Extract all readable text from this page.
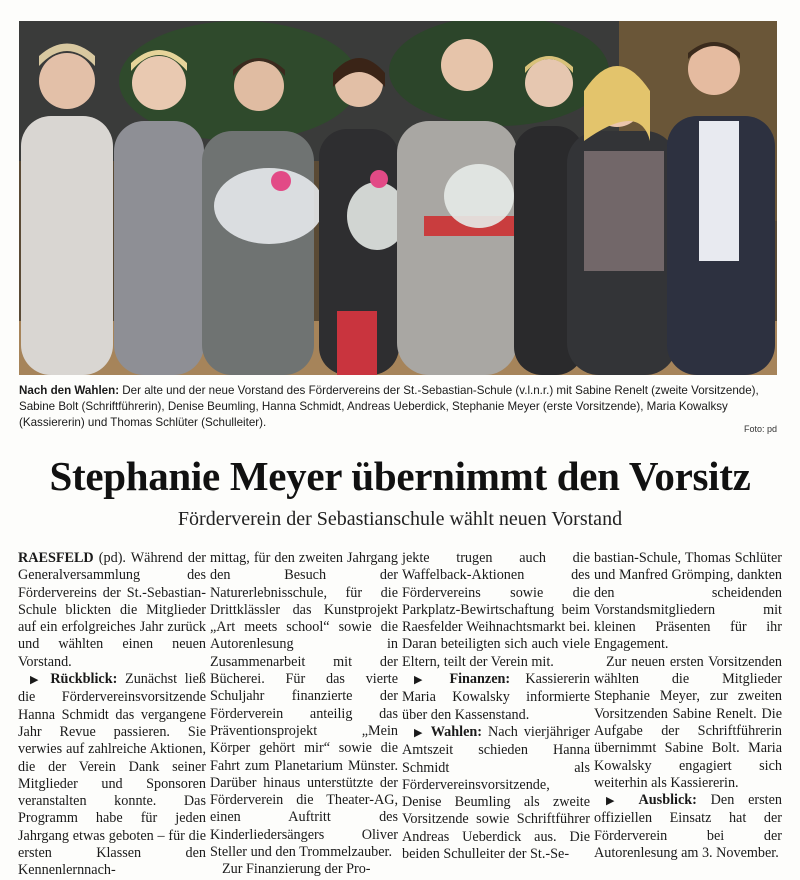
Nach den Wahlen: Der alte und der neue Vorstand des Fördervereins der St.-Sebastian-Schule (v.l.n.r.) mit Sabine Renelt (zweite Vorsitzende), Sabine Bolt (Schriftführerin), Denise Beumling, Hanna Schmidt, Andreas Ueberdick, Stephanie Meyer (erste Vorsitzende), Maria Kowalksy (Kassiererin) und Thomas Schlüter (Schulleiter).	Foto: pd
Stephanie Meyer übernimmt den Vorsitz
Förderverein der Sebastianschule wählt neuen Vorstand

RAESFELD (pd). Während der Generalversammlung des Fördervereins der St.-Sebastian-Schule blickten die Mitglieder auf ein erfolgreiches Jahr zurück und wählten einen neuen Vorstand.

▶ Rückblick: Zunächst ließ die Fördervereinsvorsitzende Hanna Schmidt das vergangene Jahr Revue passieren. Sie verwies auf zahlreiche Aktionen, die der Verein Dank seiner Mitglieder und Sponsoren veranstalten konnte. Das Programm habe für jeden Jahrgang etwas geboten – für die ersten Klassen den Kennenlernnach-

mittag, für den zweiten Jahrgang den Besuch der Naturerlebnisschule, für die Drittklässler das Kunstprojekt „Art meets school“ sowie die Autorenlesung in Zusammenarbeit mit der Bücherei. Für das vierte Schuljahr finanzierte der Förderverein anteilig das Präventionsprojekt „Mein Körper gehört mir“ sowie die Fahrt zum Planetarium Münster. Darüber hinaus unterstützte der Förderverein die Theater-AG, einen Auftritt des Kinderliedersängers Oliver Steller und den Trommelzauber.

Zur Finanzierung der Pro-

jekte trugen auch die Waffelback-Aktionen des Fördervereins sowie die Parkplatz-Bewirtschaftung beim Raesfelder Weihnachtsmarkt bei. Daran beteiligten sich auch viele Eltern, teilt der Verein mit.

▶ Finanzen: Kassiererin Maria Kowalsky informierte über den Kassenstand.

▶ Wahlen: Nach vierjähriger Amtszeit schieden Hanna Schmidt als Fördervereinsvorsitzende, Denise Beumling als zweite Vorsitzende sowie Schriftführer Andreas Ueberdick aus. Die beiden Schulleiter der St.-Se-

bastian-Schule, Thomas Schlüter und Manfred Grömping, dankten den scheidenden Vorstandsmitgliedern mit kleinen Präsenten für ihr Engagement.

Zur neuen ersten Vorsitzenden wählten die Mitglieder Stephanie Meyer, zur zweiten Vorsitzenden Sabine Renelt. Die Aufgabe der Schriftführerin übernimmt Sabine Bolt. Maria Kowalsky engagiert sich weiterhin als Kassiererin.

▶ Ausblick: Den ersten offiziellen Einsatz hat der Förderverein bei der Autorenlesung am 3. November.
